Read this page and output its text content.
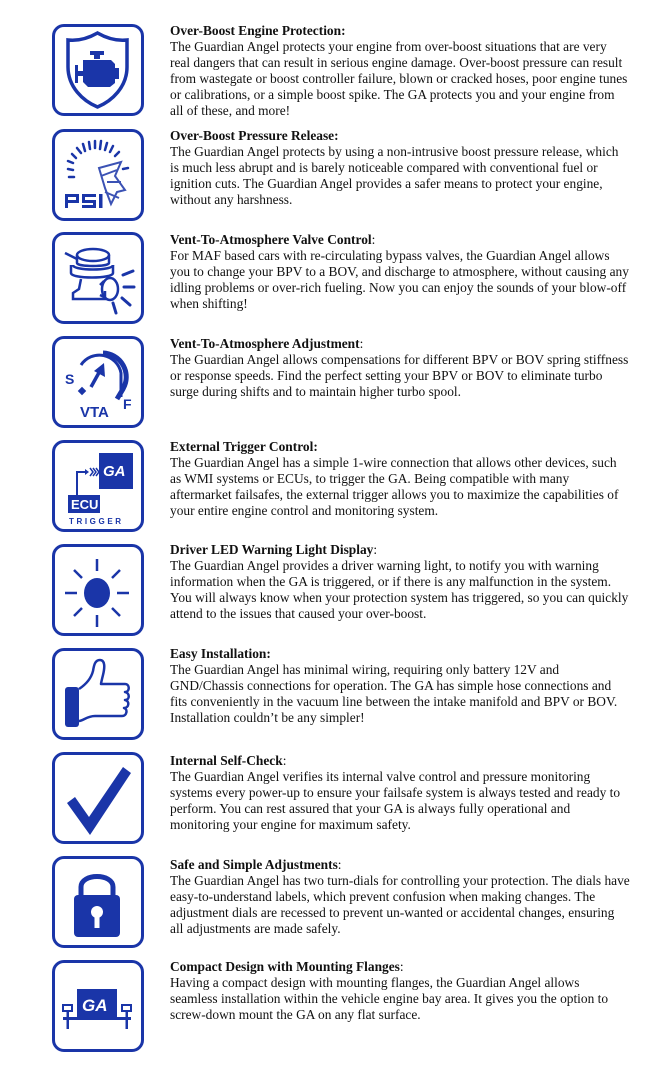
Over-Boost Engine Protection:
The Guardian Angel protects your engine from over-boost situations that are very real dangers that can result in serious engine damage. Over-boost pressure can result from wastegate or boost controller failure, blown or cracked hoses, poor engine tunes or calibrations, or a simple boost spike. The GA protects you and your engine from all of these, and more!
Over-Boost Pressure Release:
The Guardian Angel protects by using a non-intrusive boost pressure release, which is much less abrupt and is barely noticeable compared with conventional fuel or ignition cuts. The Guardian Angel provides a safer means to protect your engine, without any harshness.
Vent-To-Atmosphere Valve Control:
For MAF based cars with re-circulating bypass valves, the Guardian Angel allows you to change your BPV to a BOV, and discharge to atmosphere, without causing any idling problems or over-rich fueling. Now you can enjoy the sounds of your blow-off when shifting!
S
F
VTA
Vent-To-Atmosphere Adjustment:
The Guardian Angel allows compensations for different BPV or BOV spring stiffness or response speeds. Find the perfect setting your BPV or BOV to eliminate turbo surge during shifts and to maintain higher turbo spool.
GA
ECU
TRIGGER
External Trigger Control:
The Guardian Angel has a simple 1-wire connection that allows other devices, such as WMI systems or ECUs, to trigger the GA. Being compatible with many aftermarket failsafes, the external trigger allows you to maximize the capabilities of your entire engine control and monitoring system.
Driver LED Warning Light Display:
The Guardian Angel provides a driver warning light, to notify you with warning information when the GA is triggered, or if there is any malfunction in the system. You will always know when your protection system has triggered, so you can quickly attend to the issues that caused your over-boost.
Easy Installation:
The Guardian Angel has minimal wiring, requiring only battery 12V and GND/Chassis connections for operation. The GA has simple hose connections and fits conveniently in the vacuum line between the intake manifold and BPV or BOV. Installation couldn’t be any simpler!
Internal Self-Check:
The Guardian Angel verifies its internal valve control and pressure monitoring systems every power-up to ensure your failsafe system is always tested and ready to perform. You can rest assured that your GA is always fully operational and monitoring your engine for maximum safety.
Safe and Simple Adjustments:
The Guardian Angel has two turn-dials for controlling your protection. The dials have easy-to-understand labels, which prevent confusion when making changes. The adjustment dials are recessed to prevent un-wanted or accidental changes, ensuring all adjustments are made safely.
GA
Compact Design with Mounting Flanges:
Having a compact design with mounting flanges, the Guardian Angel allows seamless installation within the vehicle engine bay area. It gives you the option to screw-down mount the GA on any flat surface.
